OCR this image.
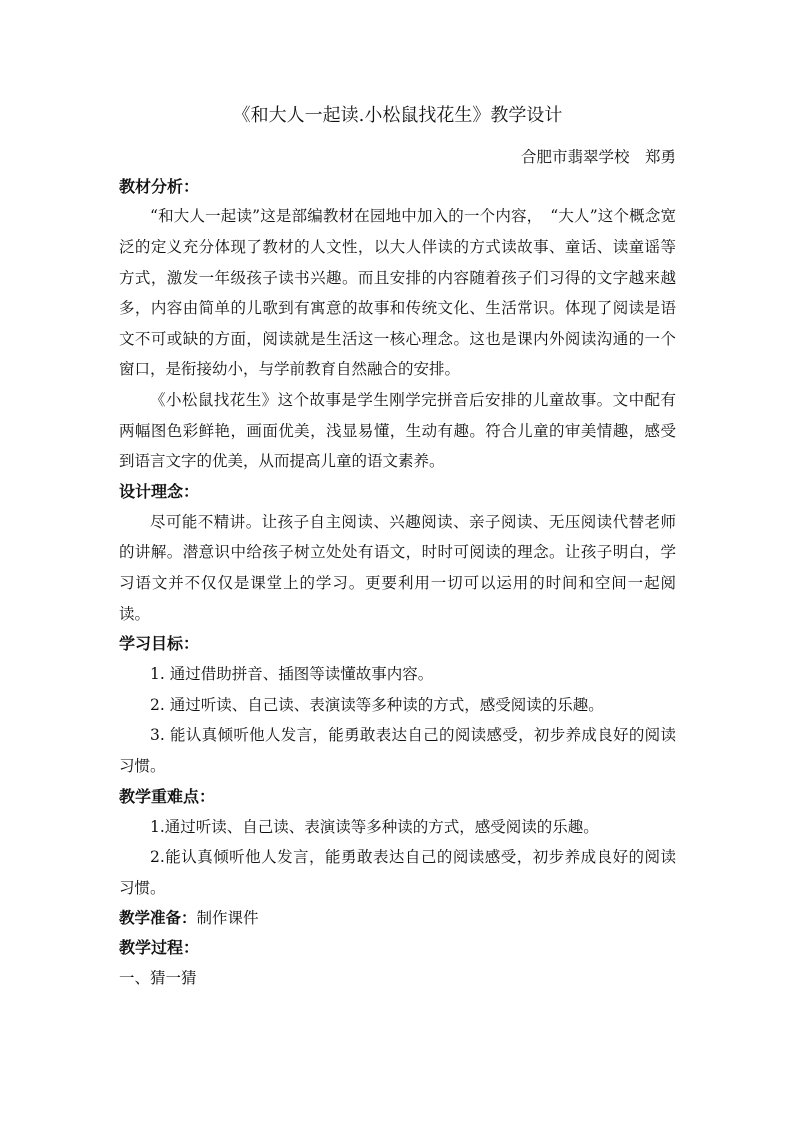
《和大人一起读.小松鼠找花生》教学设计
合肥市翡翠学校　郑勇
教材分析：
“和大人一起读”这是部编教材在园地中加入的一个内容，　“大人”这个概念宽泛的定义充分体现了教材的人文性，以大人伴读的方式读故事、童话、读童谣等方式，激发一年级孩子读书兴趣。而且安排的内容随着孩子们习得的文字越来越多，内容由简单的儿歌到有寓意的故事和传统文化、生活常识。体现了阅读是语文不可或缺的方面，阅读就是生活这一核心理念。这也是课内外阅读沟通的一个窗口，是衔接幼小，与学前教育自然融合的安排。
《小松鼠找花生》这个故事是学生刚学完拼音后安排的儿童故事。文中配有两幅图色彩鲜艳，画面优美，浅显易懂，生动有趣。符合儿童的审美情趣，感受到语言文字的优美，从而提高儿童的语文素养。
设计理念：
尽可能不精讲。让孩子自主阅读、兴趣阅读、亲子阅读、无压阅读代替老师的讲解。潜意识中给孩子树立处处有语文，时时可阅读的理念。让孩子明白，学习语文并不仅仅是课堂上的学习。更要利用一切可以运用的时间和空间一起阅读。
学习目标：
1. 通过借助拼音、插图等读懂故事内容。
2. 通过听读、自己读、表演读等多种读的方式，感受阅读的乐趣。
3. 能认真倾听他人发言，能勇敢表达自己的阅读感受，初步养成良好的阅读习惯。
教学重难点：
1.通过听读、自己读、表演读等多种读的方式，感受阅读的乐趣。
2.能认真倾听他人发言，能勇敢表达自己的阅读感受，初步养成良好的阅读习惯。
教学准备：制作课件
教学过程：
一、猜一猜
